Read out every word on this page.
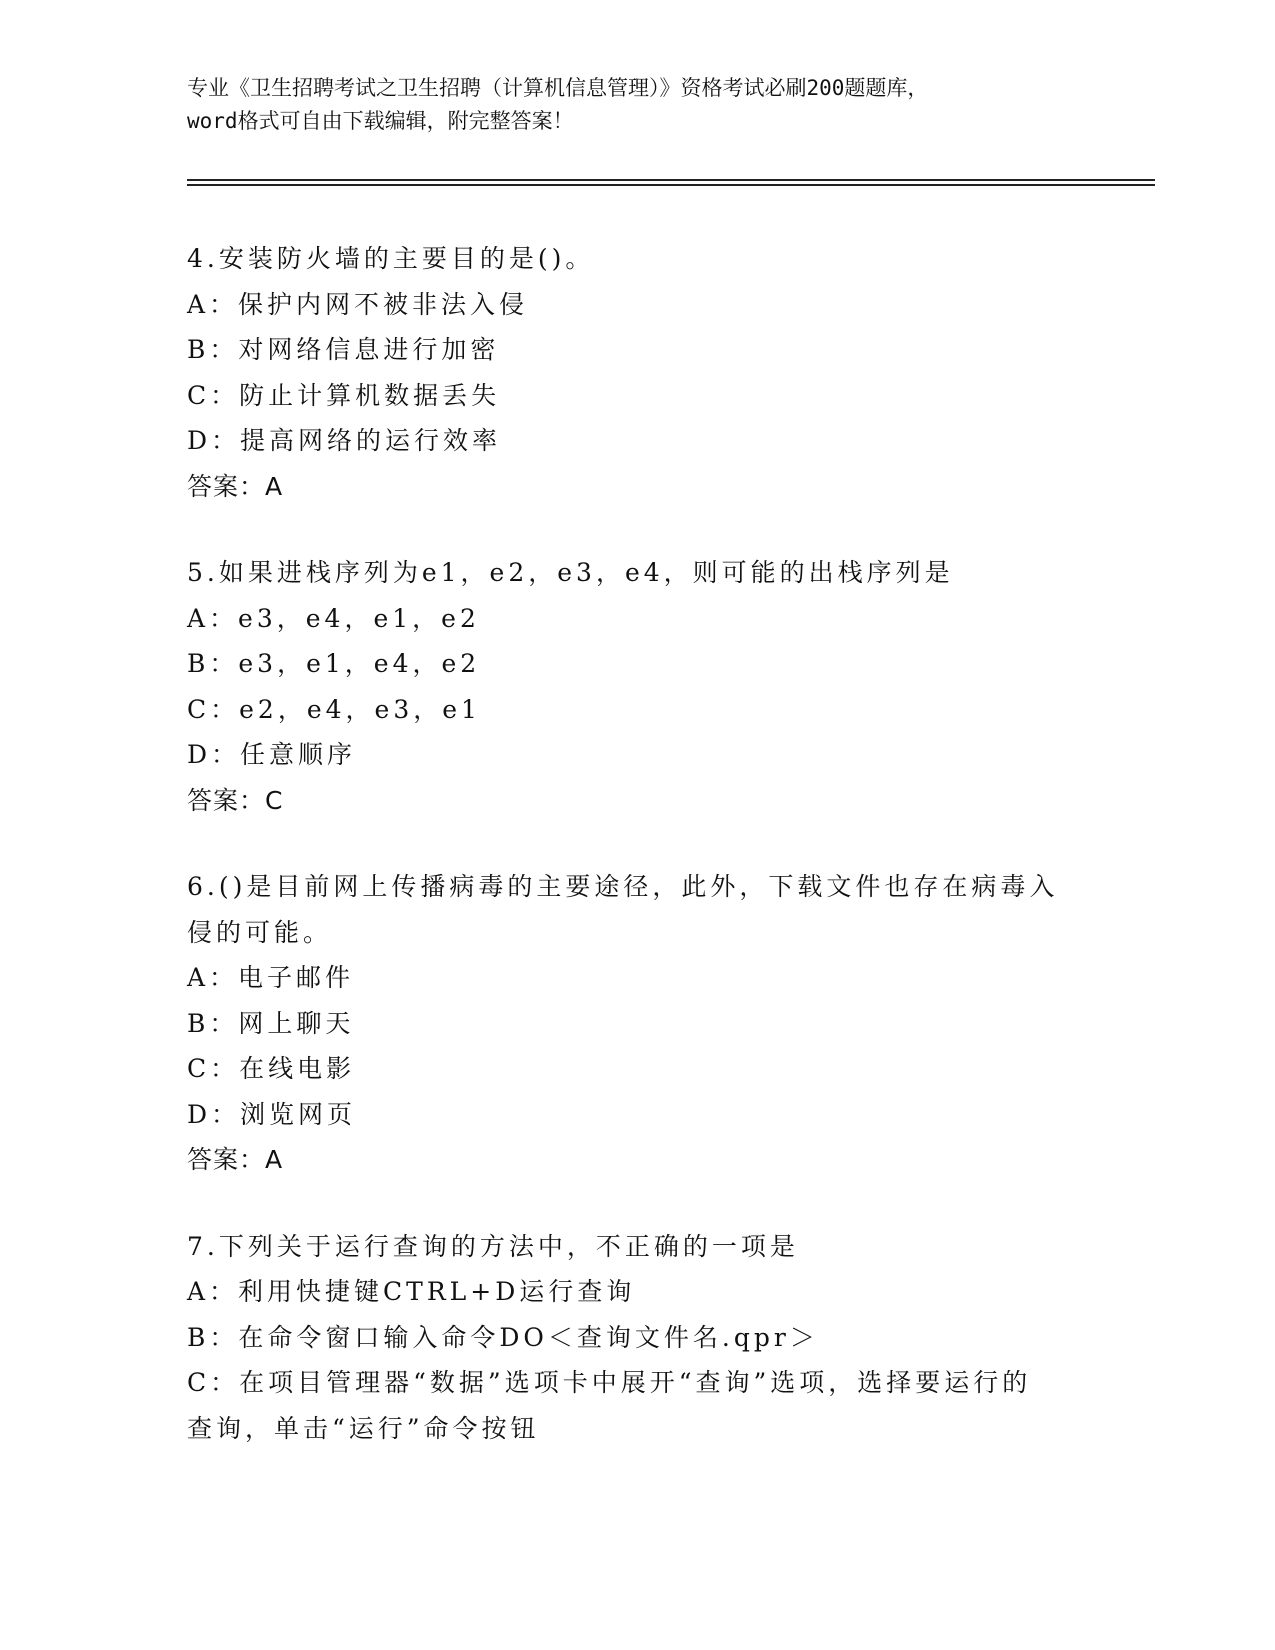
专业《卫生招聘考试之卫生招聘（计算机信息管理）》资格考试必刷200题题库，
word格式可自由下载编辑，附完整答案！
4.安装防火墙的主要目的是()。
A：保护内网不被非法入侵
B：对网络信息进行加密
C：防止计算机数据丢失
D：提高网络的运行效率
答案：A
5.如果进栈序列为e1，e2，e3，e4，则可能的出栈序列是
A：e3，e4，e1，e2
B：e3，e1，e4，e2
C：e2，e4，e3，e1
D：任意顺序
答案：C
6.()是目前网上传播病毒的主要途径，此外，下载文件也存在病毒入
侵的可能。
A：电子邮件
B：网上聊天
C：在线电影
D：浏览网页
答案：A
7.下列关于运行查询的方法中，不正确的一项是
A：利用快捷键CTRL+D运行查询
B：在命令窗口输入命令DO＜查询文件名.qpr＞
C：在项目管理器“数据”选项卡中展开“查询”选项，选择要运行的
查询，单击“运行”命令按钮
